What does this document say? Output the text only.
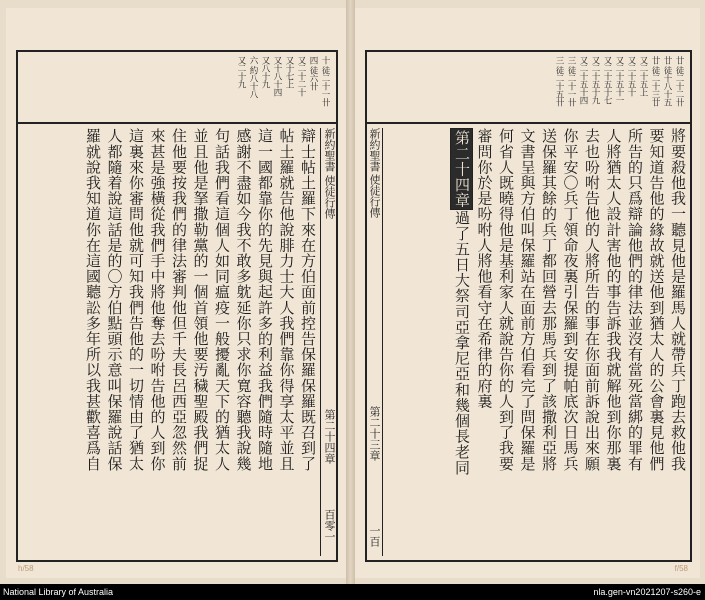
十 徒二十一卄
四 徒六卄
又二十二十
又十七上
又十八十四
又八十九
六 約八十八
又二十九
新約聖書
使徒行傳
第二十四章
百零一
辯士帖土羅下來在方伯面前控告保羅保羅既召到了
帖土羅就告他說腓力士大人我們靠你得享太平並且
這一國都靠你的先見與起許多的利益我們隨時隨地
感謝不盡如今我不敢多躭延你只求你寬容聽我說幾
句話我們看這個人如同瘟疫一般擾亂天下的猶太人
並且他是拏撒勒黨的一個首領他要汚穢聖殿我們捉
住他要按我們的律法審判他但千夫長呂西亞忽然前
來甚是強橫從我們手中將他奪去吩咐告他的人到你
這裏來你審問他就可知我們告他的一切情由了猶太
人都隨着說這話是的〇方伯點頭示意叫保羅說話保
羅就說我知道你在這國聽訟多年所以我甚歡喜爲自
h/58
廿 徒二十二卄
廿 徒十八十五
廿 徒二十三廿
又二十五上
又二十五十
又二十五十一
又二十五十七
又二十五十九
又二十五十四
三 徒二十一卄
三 徒二十五卄
新約聖書
使徒行傳
第二十三章
一百
將要殺他我一聽見他是羅馬人就帶兵丁跑去救他我
要知道告他的緣故就送他到猶太人的公會裏見他們
所告的只爲辯論他們的律法並沒有當死當綁的罪有
人將猶太人設計害他的事告訴我我就解他到你那裏
去也吩咐告他的人將所告的事在你面前訴說出來願
你平安〇兵丁領命夜裏引保羅到安提帕底次日馬兵
送保羅其餘的兵丁都回營去那馬兵到了該撒利亞將
文書呈與方伯叫保羅站在面前方伯看完了問保羅是
何省人既曉得他是基利家人就說告你的人到了我要
審問你於是吩咐人將他看守在希律的府裏
第二十四章過了五日大祭司亞拿尼亞和幾個長老同
f/58
National Library of Australia	nla.gen-vn2021207-s260-e
